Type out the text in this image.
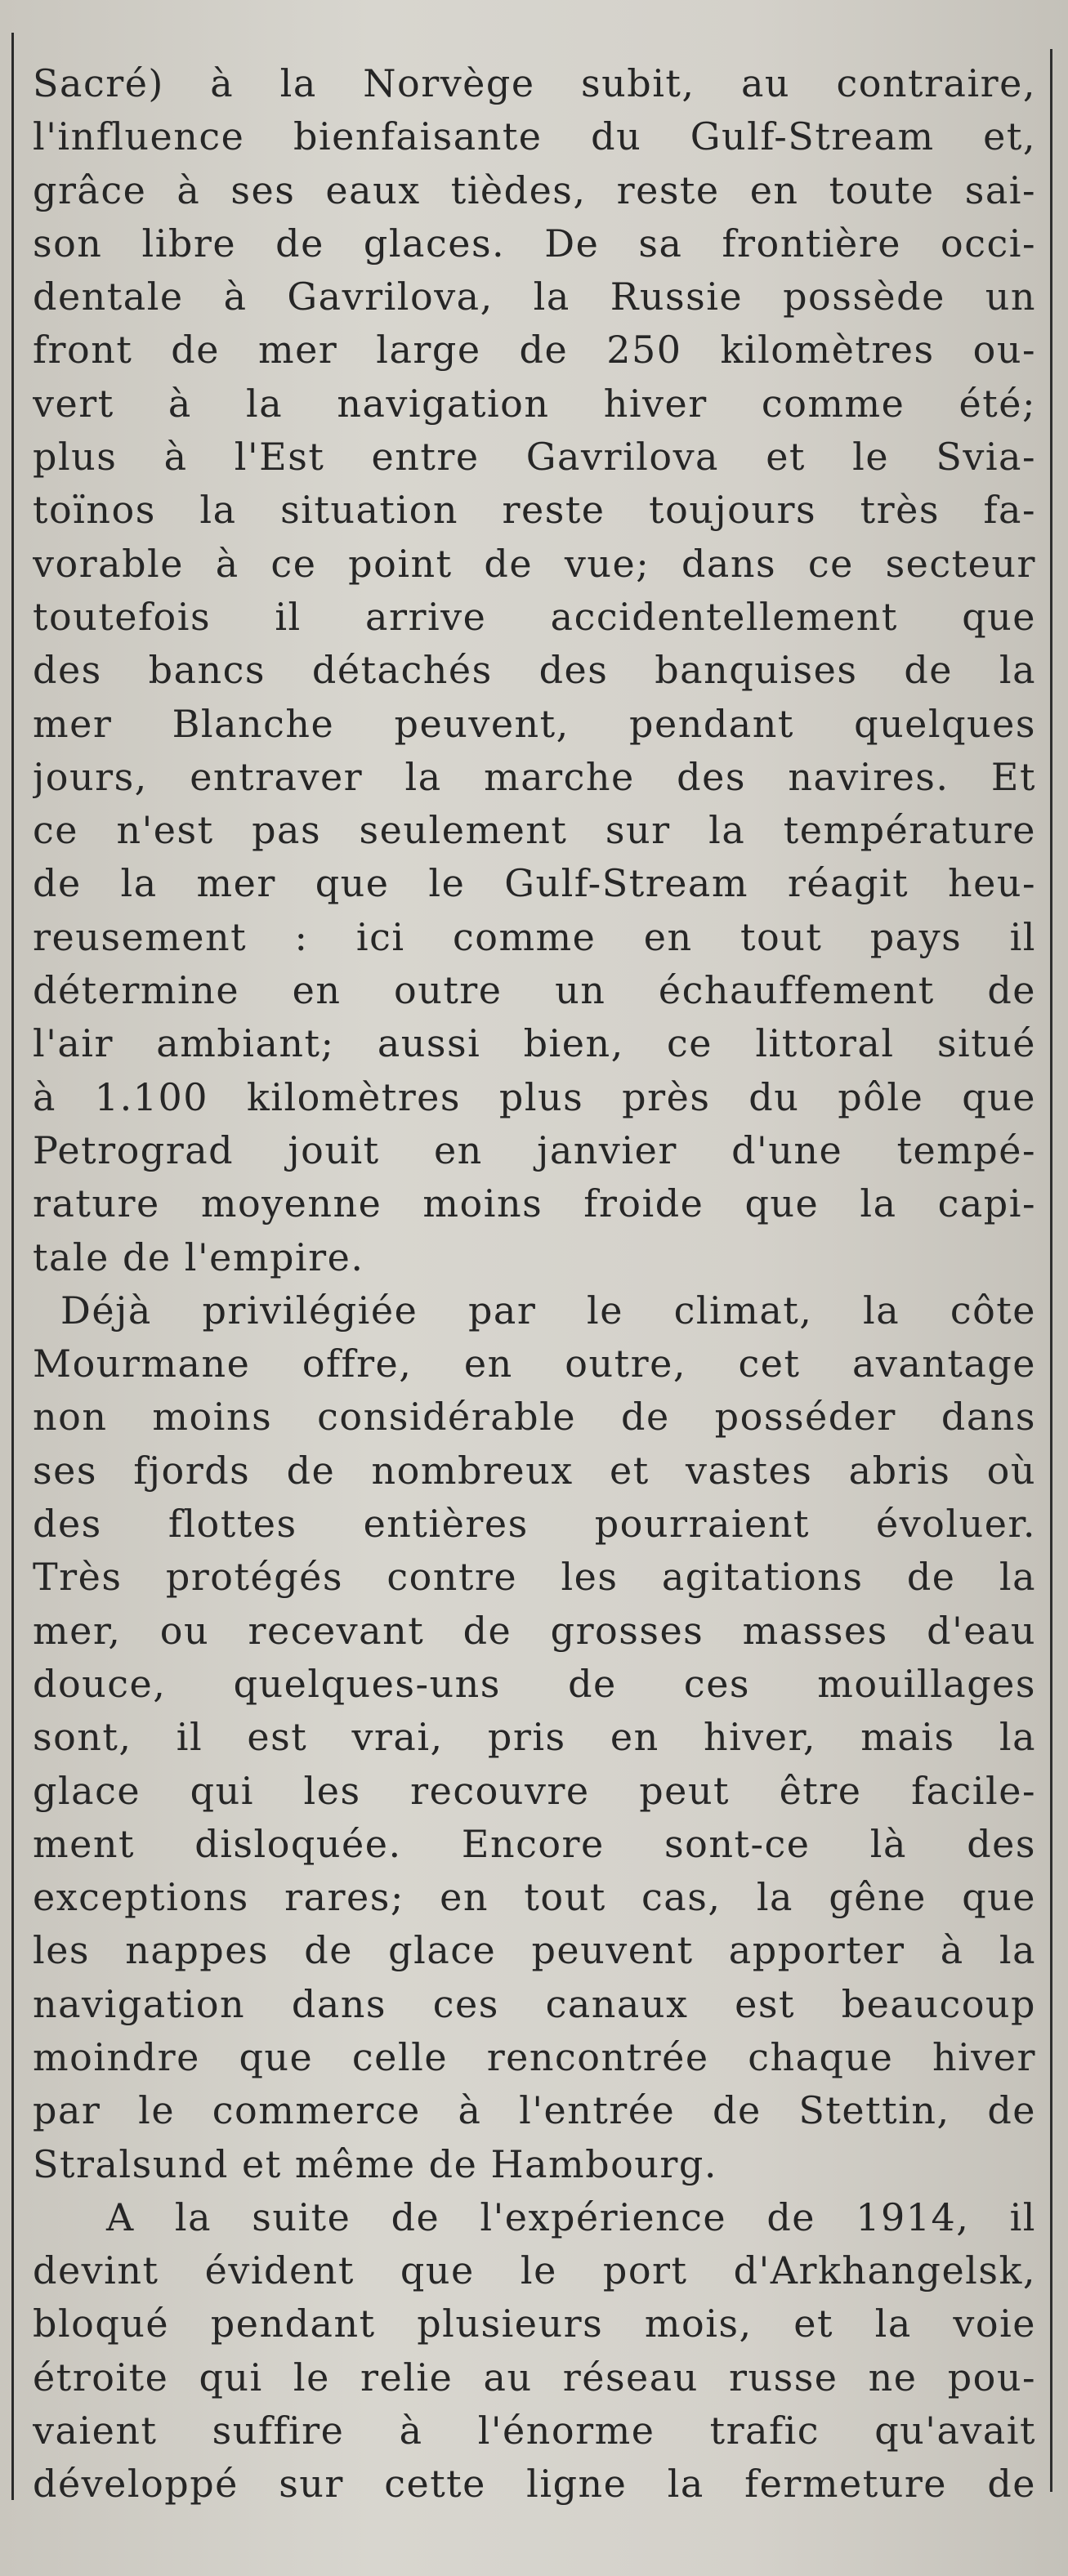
Sacré) à la Norvège subit, au contraire,
l'influence bienfaisante du Gulf-Stream et,
grâce à ses eaux tièdes, reste en toute sai-
son libre de glaces. De sa frontière occi-
dentale à Gavrilova, la Russie possède un
front de mer large de 250 kilomètres ou-
vert à la navigation hiver comme été;
plus à l'Est entre Gavrilova et le Svia-
toïnos la situation reste toujours très fa-
vorable à ce point de vue; dans ce secteur
toutefois il arrive accidentellement que
des bancs détachés des banquises de la
mer Blanche peuvent, pendant quelques
jours, entraver la marche des navires. Et
ce n'est pas seulement sur la température
de la mer que le Gulf-Stream réagit heu-
reusement : ici comme en tout pays il
détermine en outre un échauffement de
l'air ambiant; aussi bien, ce littoral situé
à 1.100 kilomètres plus près du pôle que
Petrograd jouit en janvier d'une tempé-
rature moyenne moins froide que la capi-
tale de l'empire.
Déjà privilégiée par le climat, la côte
Mourmane offre, en outre, cet avantage
non moins considérable de posséder dans
ses fjords de nombreux et vastes abris où
des flottes entières pourraient évoluer.
Très protégés contre les agitations de la
mer, ou recevant de grosses masses d'eau
douce, quelques-uns de ces mouillages
sont, il est vrai, pris en hiver, mais la
glace qui les recouvre peut être facile-
ment disloquée. Encore sont-ce là des
exceptions rares; en tout cas, la gêne que
les nappes de glace peuvent apporter à la
navigation dans ces canaux est beaucoup
moindre que celle rencontrée chaque hiver
par le commerce à l'entrée de Stettin, de
Stralsund et même de Hambourg.
A la suite de l'expérience de 1914, il
devint évident que le port d'Arkhangelsk,
bloqué pendant plusieurs mois, et la voie
étroite qui le relie au réseau russe ne pou-
vaient suffire à l'énorme trafic qu'avait
développé sur cette ligne la fermeture de
